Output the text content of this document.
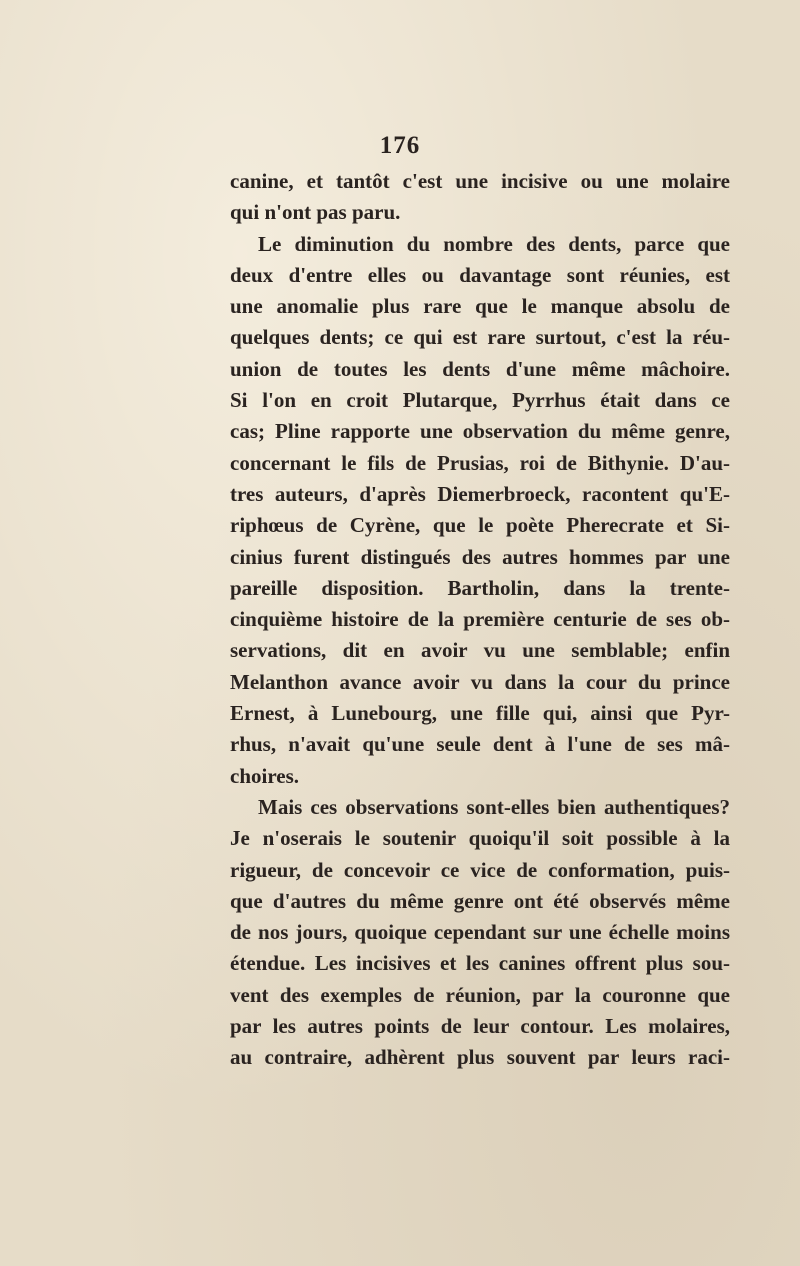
176
canine, et tantôt c'est une incisive ou une molaire
qui n'ont pas paru.
Le diminution du nombre des dents, parce que
deux d'entre elles ou davantage sont réunies, est
une anomalie plus rare que le manque absolu de
quelques dents; ce qui est rare surtout, c'est la réu-
union de toutes les dents d'une même mâchoire.
Si l'on en croit Plutarque, Pyrrhus était dans ce
cas; Pline rapporte une observation du même genre,
concernant le fils de Prusias, roi de Bithynie. D'au-
tres auteurs, d'après Diemerbroeck, racontent qu'E-
riphœus de Cyrène, que le poète Pherecrate et Si-
cinius furent distingués des autres hommes par une
pareille disposition. Bartholin, dans la trente-
cinquième histoire de la première centurie de ses ob-
servations, dit en avoir vu une semblable; enfin
Melanthon avance avoir vu dans la cour du prince
Ernest, à Lunebourg, une fille qui, ainsi que Pyr-
rhus, n'avait qu'une seule dent à l'une de ses mâ-
choires.
Mais ces observations sont-elles bien authentiques?
Je n'oserais le soutenir quoiqu'il soit possible à la
rigueur, de concevoir ce vice de conformation, puis-
que d'autres du même genre ont été observés même
de nos jours, quoique cependant sur une échelle moins
étendue. Les incisives et les canines offrent plus sou-
vent des exemples de réunion, par la couronne que
par les autres points de leur contour. Les molaires,
au contraire, adhèrent plus souvent par leurs raci-
